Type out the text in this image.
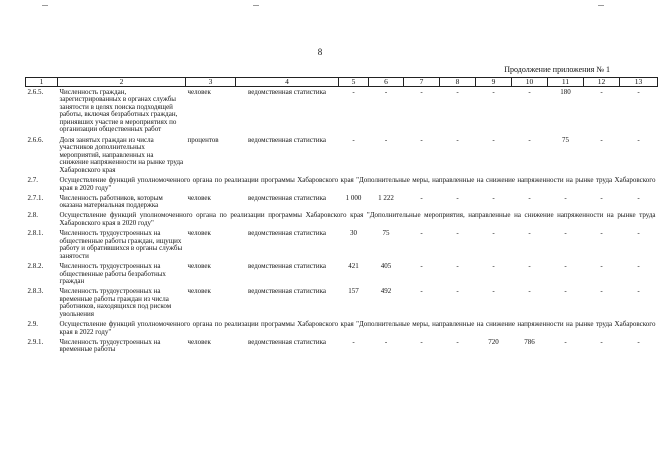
8
Продолжение приложения № 1
1	2	3	4	5	6	7	8	9	10	11	12	13
2.6.5.	Численность граждан, зарегистрированных в органах службы занятости в целях поиска подходящей работы, включая безработных граждан, принявших участие в мероприятиях по организации общественных работ	человек	ведомственная статистика	-	-	-	-	-	-	180	-	-
2.6.6.	Доля занятых граждан из числа участников дополнительных мероприятий, направленных на снижение напряженности на рынке труда Хабаровского края	процентов	ведомственная статистика	-	-	-	-	-	-	75	-	-
2.7.	Осуществление функций уполномоченного органа по реализации программы Хабаровского края "Дополнительные меры, направленные на снижение напряженности на рынке труда Хабаровского края в 2020 году"											
2.7.1.	Численность работников, которым оказана материальная поддержка	человек	ведомственная статистика	1 000	1 222	-	-	-	-	-	-	-
2.8.	Осуществление функций уполномоченного органа по реализации программы Хабаровского края "Дополнительные мероприятия, направленные на снижение напряженности на рынке труда Хабаровского края в 2020 году"											
2.8.1.	Численность трудоустроенных на общественные работы граждан, ищущих работу и обратившихся в органы службы занятости	человек	ведомственная статистика	30	75	-	-	-	-	-	-	-
2.8.2.	Численность трудоустроенных на общественные работы безработных граждан	человек	ведомственная статистика	421	405	-	-	-	-	-	-	-
2.8.3.	Численность трудоустроенных на временные работы граждан из числа работников, находящихся под риском увольнения	человек	ведомственная статистика	157	492	-	-	-	-	-	-	-
2.9.	Осуществление функций уполномоченного органа по реализации программы Хабаровского края "Дополнительные меры, направленные на снижение напряженности на рынке труда Хабаровского края в 2022 году"											
2.9.1.	Численность трудоустроенных на временные работы	человек	ведомственная статистика	-	-	-	-	720	786	-	-	-
